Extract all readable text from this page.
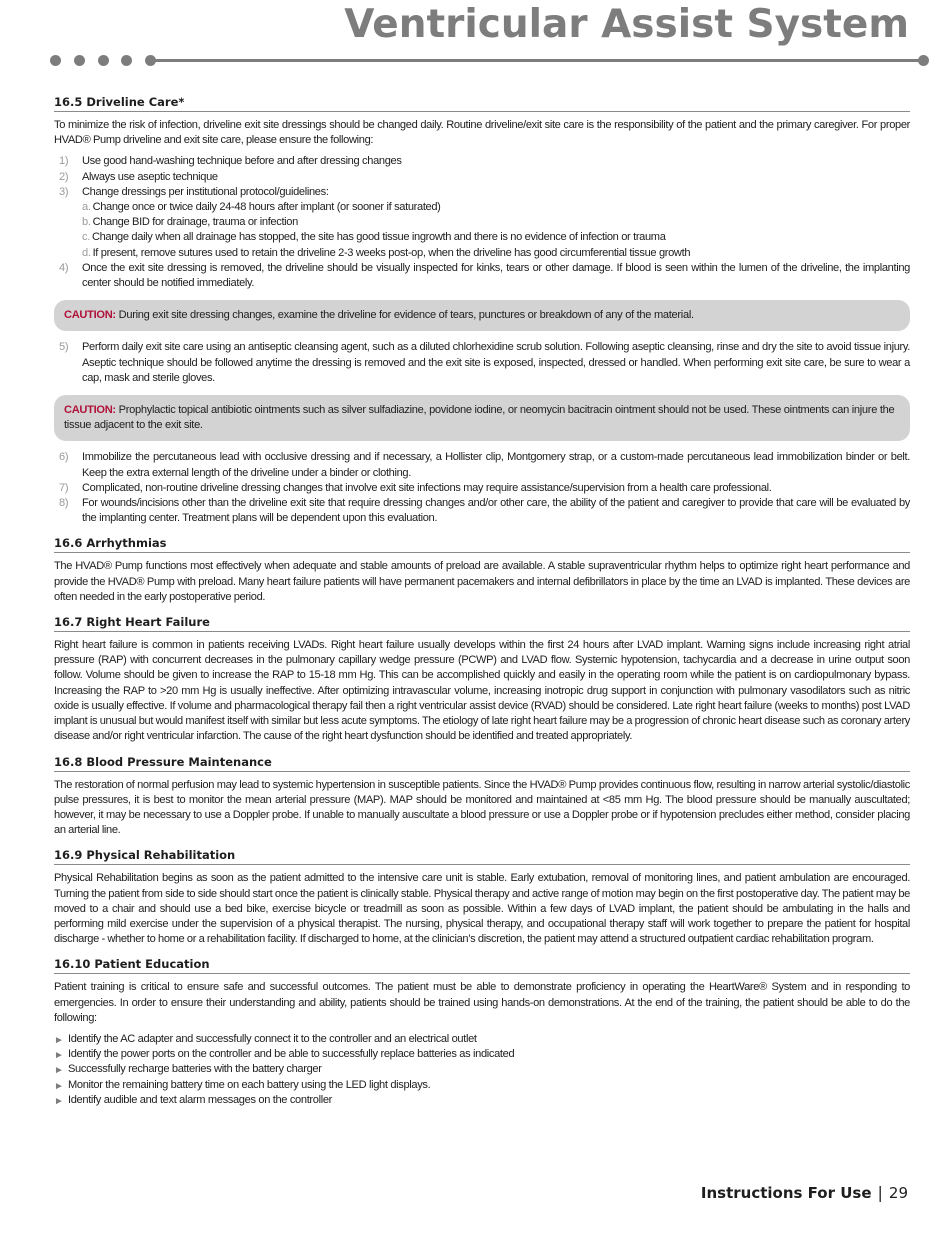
Ventricular Assist System
16.5 Driveline Care*

To minimize the risk of infection, driveline exit site dressings should be changed daily. Routine driveline/exit site care is the responsibility of the patient and the primary caregiver. For proper HVAD® Pump driveline and exit site care, please ensure the following:

1) Use good hand-washing technique before and after dressing changes
2) Always use aseptic technique
3) Change dressings per institutional protocol/guidelines:
a. Change once or twice daily 24-48 hours after implant (or sooner if saturated)
b. Change BID for drainage, trauma or infection
c. Change daily when all drainage has stopped, the site has good tissue ingrowth and there is no evidence of infection or trauma
d. If present, remove sutures used to retain the driveline 2-3 weeks post-op, when the driveline has good circumferential tissue growth
4) Once the exit site dressing is removed, the driveline should be visually inspected for kinks, tears or other damage. If blood is seen within the lumen of the driveline, the implanting center should be notified immediately.
CAUTION: During exit site dressing changes, examine the driveline for evidence of tears, punctures or breakdown of any of the material.
5) Perform daily exit site care using an antiseptic cleansing agent, such as a diluted chlorhexidine scrub solution. Following aseptic cleansing, rinse and dry the site to avoid tissue injury. Aseptic technique should be followed anytime the dressing is removed and the exit site is exposed, inspected, dressed or handled. When performing exit site care, be sure to wear a cap, mask and sterile gloves.
CAUTION: Prophylactic topical antibiotic ointments such as silver sulfadiazine, povidone iodine, or neomycin bacitracin ointment should not be used. These ointments can injure the tissue adjacent to the exit site.
6) Immobilize the percutaneous lead with occlusive dressing and if necessary, a Hollister clip, Montgomery strap, or a custom-made percutaneous lead immobilization binder or belt. Keep the extra external length of the driveline under a binder or clothing.
7) Complicated, non-routine driveline dressing changes that involve exit site infections may require assistance/supervision from a health care professional.
8) For wounds/incisions other than the driveline exit site that require dressing changes and/or other care, the ability of the patient and caregiver to provide that care will be evaluated by the implanting center. Treatment plans will be dependent upon this evaluation.
16.6 Arrhythmias

The HVAD® Pump functions most effectively when adequate and stable amounts of preload are available. A stable supraventricular rhythm helps to optimize right heart performance and provide the HVAD® Pump with preload. Many heart failure patients will have permanent pacemakers and internal defibrillators in place by the time an LVAD is implanted. These devices are often needed in the early postoperative period.

16.7 Right Heart Failure

Right heart failure is common in patients receiving LVADs. Right heart failure usually develops within the first 24 hours after LVAD implant. Warning signs include increasing right atrial pressure (RAP) with concurrent decreases in the pulmonary capillary wedge pressure (PCWP) and LVAD flow. Systemic hypotension, tachycardia and a decrease in urine output soon follow. Volume should be given to increase the RAP to 15-18 mm Hg. This can be accomplished quickly and easily in the operating room while the patient is on cardiopulmonary bypass. Increasing the RAP to >20 mm Hg is usually ineffective. After optimizing intravascular volume, increasing inotropic drug support in conjunction with pulmonary vasodilators such as nitric oxide is usually effective. If volume and pharmacological therapy fail then a right ventricular assist device (RVAD) should be considered. Late right heart failure (weeks to months) post LVAD implant is unusual but would manifest itself with similar but less acute symptoms. The etiology of late right heart failure may be a progression of chronic heart disease such as coronary artery disease and/or right ventricular infarction. The cause of the right heart dysfunction should be identified and treated appropriately.

16.8 Blood Pressure Maintenance

The restoration of normal perfusion may lead to systemic hypertension in susceptible patients. Since the HVAD® Pump provides continuous flow, resulting in narrow arterial systolic/diastolic pulse pressures, it is best to monitor the mean arterial pressure (MAP). MAP should be monitored and maintained at <85 mm Hg. The blood pressure should be manually auscultated; however, it may be necessary to use a Doppler probe. If unable to manually auscultate a blood pressure or use a Doppler probe or if hypotension precludes either method, consider placing an arterial line.

16.9 Physical Rehabilitation

Physical Rehabilitation begins as soon as the patient admitted to the intensive care unit is stable. Early extubation, removal of monitoring lines, and patient ambulation are encouraged. Turning the patient from side to side should start once the patient is clinically stable. Physical therapy and active range of motion may begin on the first postoperative day. The patient may be moved to a chair and should use a bed bike, exercise bicycle or treadmill as soon as possible. Within a few days of LVAD implant, the patient should be ambulating in the halls and performing mild exercise under the supervision of a physical therapist. The nursing, physical therapy, and occupational therapy staff will work together to prepare the patient for hospital discharge - whether to home or a rehabilitation facility. If discharged to home, at the clinician’s discretion, the patient may attend a structured outpatient cardiac rehabilitation program.

16.10 Patient Education

Patient training is critical to ensure safe and successful outcomes. The patient must be able to demonstrate proficiency in operating the HeartWare® System and in responding to emergencies. In order to ensure their understanding and ability, patients should be trained using hands-on demonstrations. At the end of the training, the patient should be able to do the following:

► Identify the AC adapter and successfully connect it to the controller and an electrical outlet
► Identify the power ports on the controller and be able to successfully replace batteries as indicated
► Successfully recharge batteries with the battery charger
► Monitor the remaining battery time on each battery using the LED light displays.
► Identify audible and text alarm messages on the controller
Instructions For Use | 29
